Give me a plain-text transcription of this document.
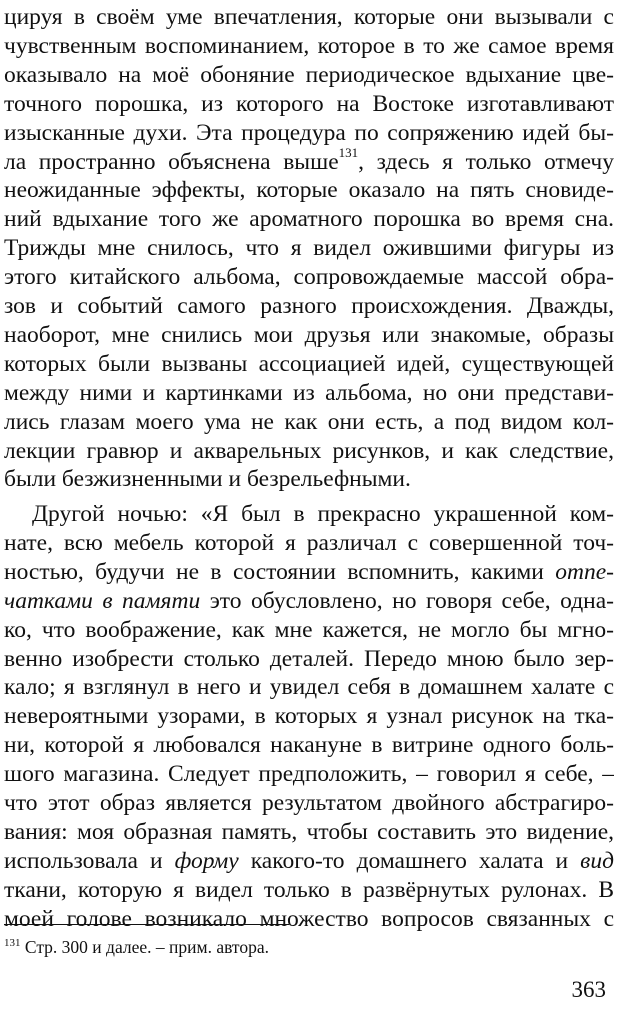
цируя в своём уме впечатления, которые они вызывали с
чувственным воспоминанием, которое в то же самое время
оказывало на моё обоняние периодическое вдыхание цве-
точного порошка, из которого на Востоке изготавливают
изысканные духи. Эта процедура по сопряжению идей бы-
ла пространно объяснена выше$^{131}$, здесь я только отмечу
неожиданные эффекты, которые оказало на пять сновиде-
ний вдыхание того же ароматного порошка во время сна.
Трижды мне снилось, что я видел ожившими фигуры из
этого китайского альбома, сопровождаемые массой обра-
зов и событий самого разного происхождения. Дважды,
наоборот, мне снились мои друзья или знакомые, образы
которых были вызваны ассоциацией идей, существующей
между ними и картинками из альбома, но они представи-
лись глазам моего ума не как они есть, а под видом кол-
лекции гравюр и акварельных рисунков, и как следствие,
были безжизненными и безрельефными.
Другой ночью: «Я был в прекрасно украшенной ком-
нате, всю мебель которой я различал с совершенной точ-
ностью, будучи не в состоянии вспомнить, какими отпе-
чатками в памяти это обусловлено, но говоря себе, одна-
ко, что воображение, как мне кажется, не могло бы мгно-
венно изобрести столько деталей. Передо мною было зер-
кало; я взглянул в него и увидел себя в домашнем халате с
невероятными узорами, в которых я узнал рисунок на тка-
ни, которой я любовался накануне в витрине одного боль-
шого магазина. Следует предположить, – говорил я себе, –
что этот образ является результатом двойного абстрагиро-
вания: моя образная память, чтобы составить это видение,
использовала и форму какого-то домашнего халата и вид
ткани, которую я видел только в развёрнутых рулонах. В
моей голове возникало множество вопросов связанных с
$^{131}$ Стр. 300 и далее. – прим. автора.
363
